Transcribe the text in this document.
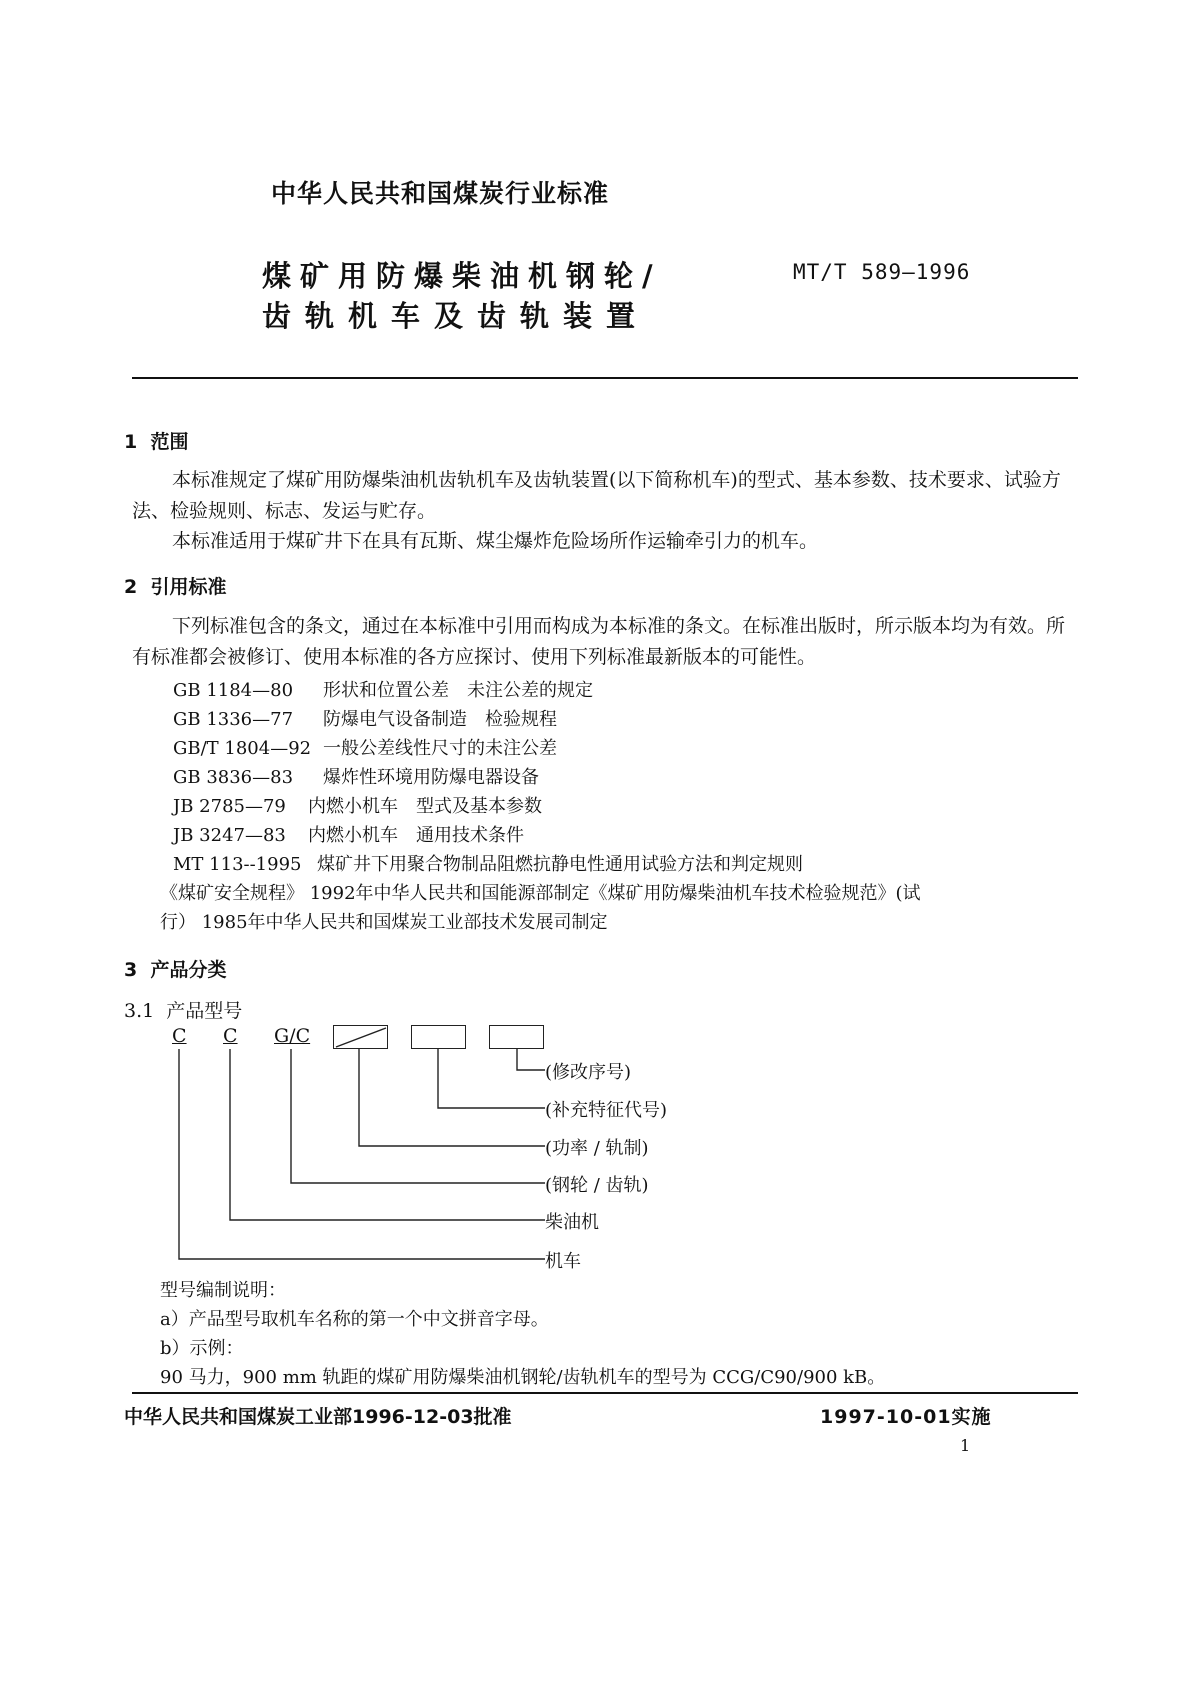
中华人民共和国煤炭行业标准
煤矿用防爆柴油机钢轮/
齿轨机车及齿轨装置
MT/T 589—1996
1  范围
本标准规定了煤矿用防爆柴油机齿轨机车及齿轨装置(以下简称机车)的型式、基本参数、技术要求、试验方法、检验规则、标志、发运与贮存。
本标准适用于煤矿井下在具有瓦斯、煤尘爆炸危险场所作运输牵引力的机车。
2  引用标准
下列标准包含的条文，通过在本标准中引用而构成为本标准的条文。在标准出版时，所示版本均为有效。所有标准都会被修订、使用本标准的各方应探讨、使用下列标准最新版本的可能性。
GB 1184—80 形状和位置公差　未注公差的规定
GB 1336—77 防爆电气设备制造　检验规程
GB/T 1804—92 一般公差线性尺寸的未注公差
GB 3836—83 爆炸性环境用防爆电器设备
JB 2785—79 内燃小机车　型式及基本参数
JB 3247—83 内燃小机车　通用技术条件
MT 113--1995 煤矿井下用聚合物制品阻燃抗静电性通用试验方法和判定规则
《煤矿安全规程》 1992年中华人民共和国能源部制定《煤矿用防爆柴油机车技术检验规范》(试
行） 1985年中华人民共和国煤炭工业部技术发展司制定
3  产品分类
3.1  产品型号
C C G/C
(修改序号)
(补充特征代号)
(功率 / 轨制)
(钢轮 / 齿轨)
柴油机
机车
型号编制说明：
a）产品型号取机车名称的第一个中文拼音字母。
b）示例：
90 马力，900 mm 轨距的煤矿用防爆柴油机钢轮/齿轨机车的型号为 CCG/C90/900 kB。
中华人民共和国煤炭工业部1996-12-03批准	1997-10-01实施
1
